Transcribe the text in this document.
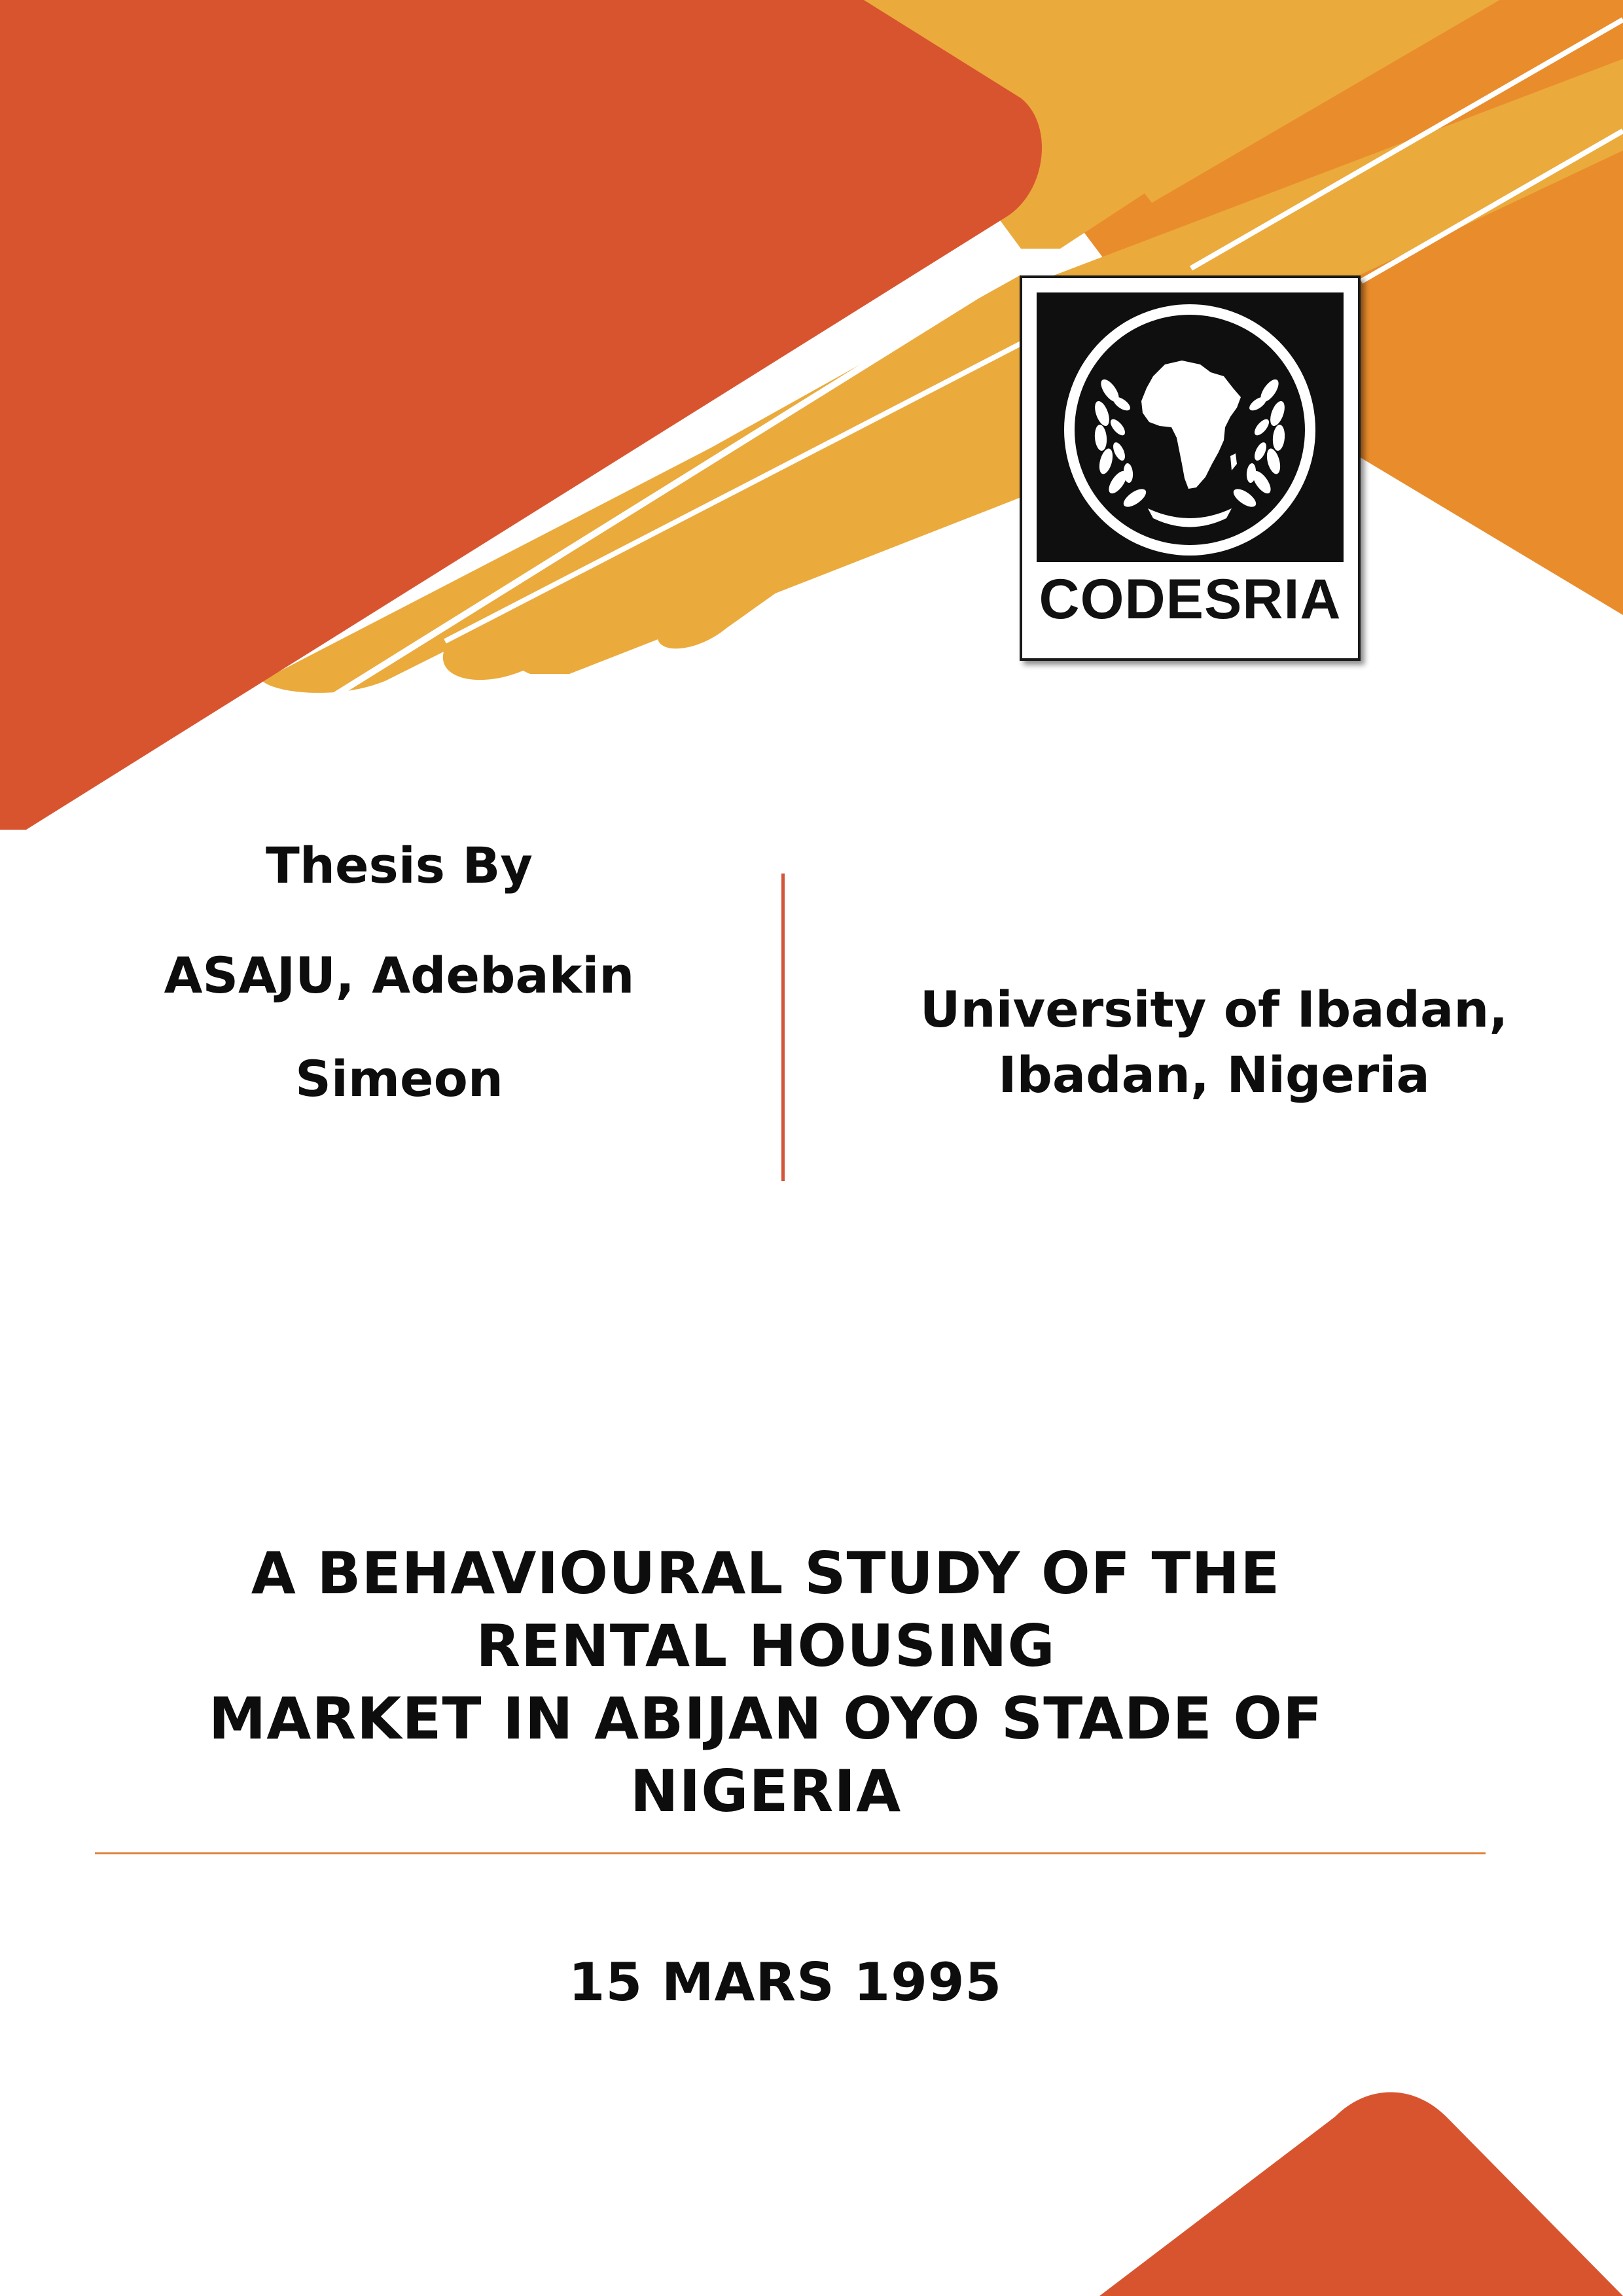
CODESRIA
Thesis By
ASAJU, Adebakin
Simeon
University of Ibadan,
Ibadan, Nigeria
A BEHAVIOURAL STUDY OF THE
RENTAL HOUSING
MARKET IN ABIJAN OYO STADE OF
NIGERIA
15 MARS 1995
